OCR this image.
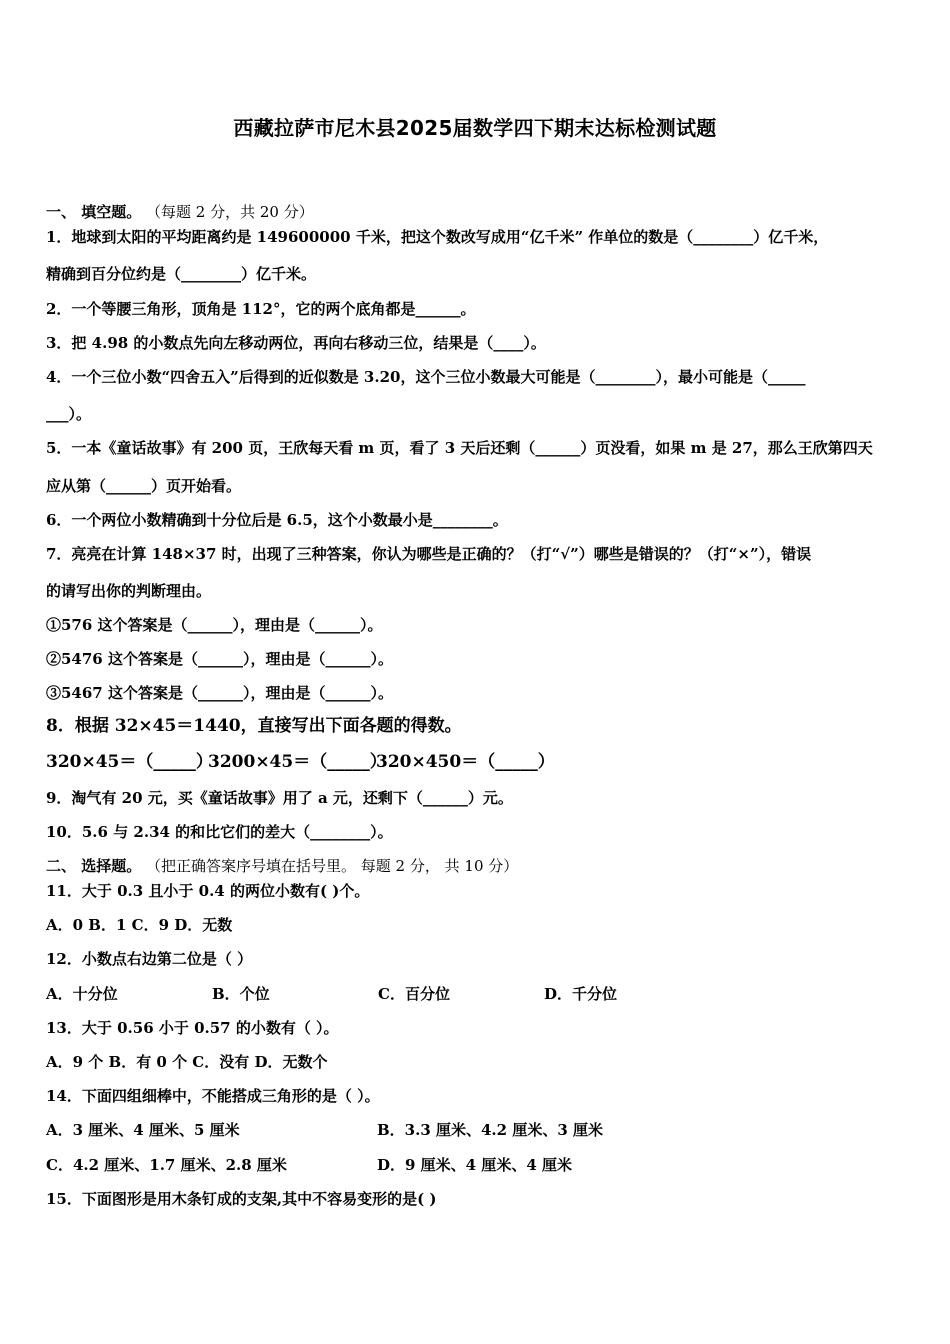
西藏拉萨市尼木县2025届数学四下期末达标检测试题
一、 填空题。 （每题 2 分，共 20 分）
1．地球到太阳的平均距离约是 149600000 千米，把这个数改写成用“亿千米” 作单位的数是（________）亿千米，
精确到百分位约是（________）亿千米。
2．一个等腰三角形，顶角是 112°，它的两个底角都是______。
3．把 4.98 的小数点先向左移动两位，再向右移动三位，结果是（____）。
4．一个三位小数“四舍五入”后得到的近似数是 3.20，这个三位小数最大可能是（________），最小可能是（_____
___）。
5．一本《童话故事》有 200 页，王欣每天看 m 页，看了 3 天后还剩（______）页没看，如果 m 是 27，那么王欣第四天
应从第（______）页开始看。
6．一个两位小数精确到十分位后是 6.5，这个小数最小是________。
7．亮亮在计算 148×37 时，出现了三种答案，你认为哪些是正确的？（打“√”）哪些是错误的？（打“×”），错误
的请写出你的判断理由。
①576 这个答案是（______），理由是（______）。
②5476 这个答案是（______），理由是（______）。
③5467 这个答案是（______），理由是（______）。
8．根据 32×45＝1440，直接写出下面各题的得数。
320×45＝（_____）3200×45＝（_____）320×450＝（_____）
9．淘气有 20 元，买《童话故事》用了 a 元，还剩下（______）元。
10．5.6 与 2.34 的和比它们的差大（________）。
二、 选择题。 （把正确答案序号填在括号里。 每题 2 分， 共 10 分）
11．大于 0.3 且小于 0.4 的两位小数有( )个。
A．0 B．1 C．9 D．无数
12．小数点右边第二位是（ ）
A．十分位	B．个位	C．百分位	D．千分位
13．大于 0.56 小于 0.57 的小数有（ ）。
A．9 个 B．有 0 个 C．没有 D．无数个
14．下面四组细棒中，不能搭成三角形的是（ ）。
A．3 厘米、4 厘米、5 厘米	B．3.3 厘米、4.2 厘米、3 厘米
C．4.2 厘米、1.7 厘米、2.8 厘米	D．9 厘米、4 厘米、4 厘米
15．下面图形是用木条钉成的支架,其中不容易变形的是( )
